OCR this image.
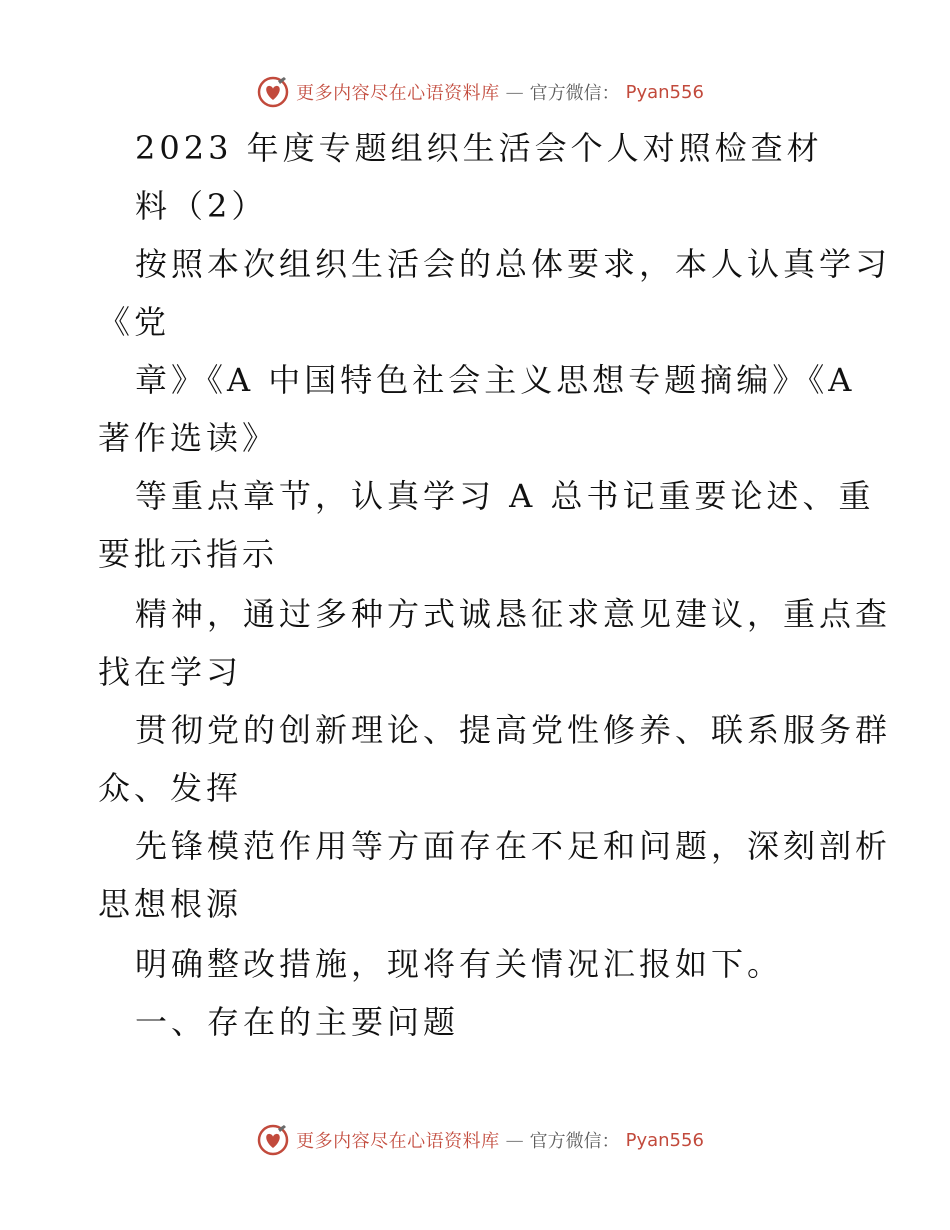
更多内容尽在心语资料库 — 官方微信： Pyan556
2023 年度专题组织生活会个人对照检查材
料（2）
按照本次组织生活会的总体要求，本人认真学习
《党
章》《A 中国特色社会主义思想专题摘编》《A
著作选读》
等重点章节，认真学习 A 总书记重要论述、重
要批示指示
精神，通过多种方式诚恳征求意见建议，重点查
找在学习
贯彻党的创新理论、提高党性修养、联系服务群
众、发挥
先锋模范作用等方面存在不足和问题，深刻剖析
思想根源
明确整改措施，现将有关情况汇报如下。
一、存在的主要问题
更多内容尽在心语资料库 — 官方微信： Pyan556
